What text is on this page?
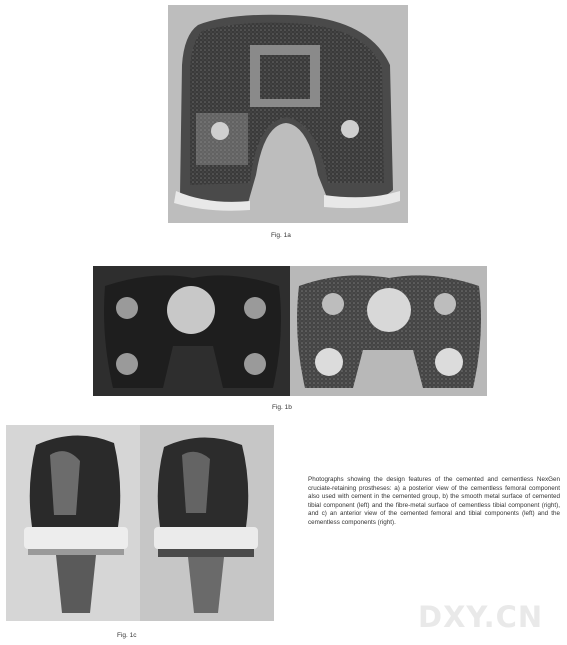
Fig. 1a
Fig. 1b
Fig. 1c
Photographs showing the design features of the cemented and cementless NexGen cruciate-retaining prostheses: a) a posterior view of the cementless femoral component also used with cement in the cemented group, b) the smooth metal surface of cemented tibial component (left) and the fibre-metal surface of cementless tibial component (right), and c) an anterior view of the cemented femoral and tibial components (left) and the cementless components (right).
DXY.CN
